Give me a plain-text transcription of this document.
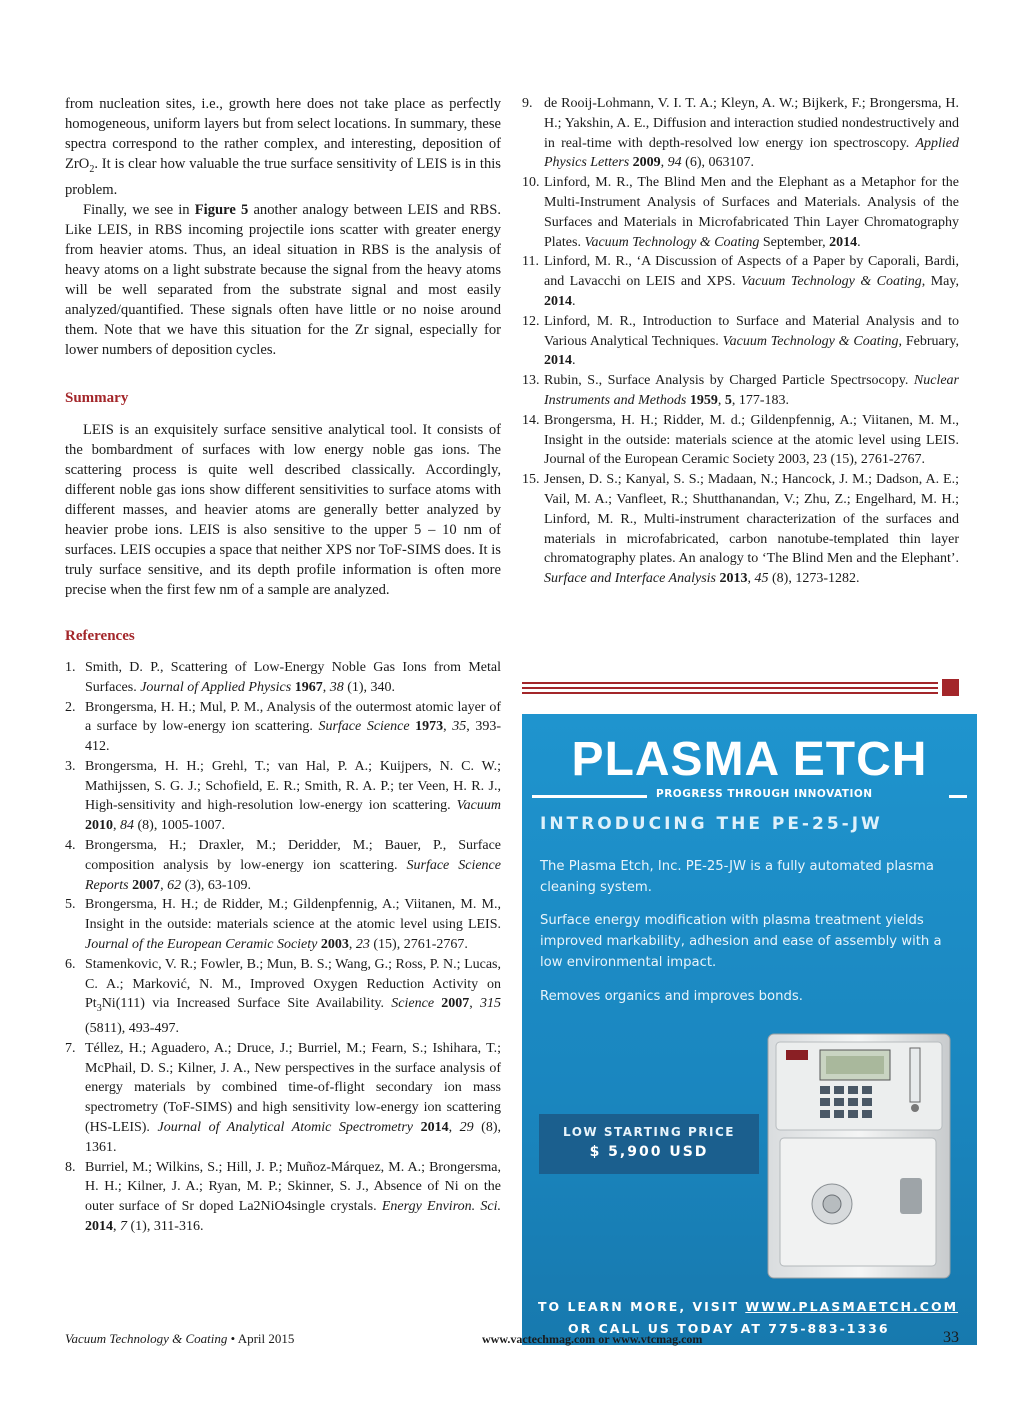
from nucleation sites, i.e., growth here does not take place as perfectly homogeneous, uniform layers but from select locations. In summary, these spectra correspond to the rather complex, and interesting, deposition of ZrO$_2$. It is clear how valuable the true surface sensitivity of LEIS is in this problem.

Finally, we see in Figure 5 another analogy between LEIS and RBS. Like LEIS, in RBS incoming projectile ions scatter with greater energy from heavier atoms. Thus, an ideal situation in RBS is the analysis of heavy atoms on a light substrate because the signal from the heavy atoms will be well separated from the substrate signal and most easily analyzed/quantified. These signals often have little or no noise around them. Note that we have this situation for the Zr signal, especially for lower numbers of deposition cycles.

Summary

LEIS is an exquisitely surface sensitive analytical tool. It consists of the bombardment of surfaces with low energy noble gas ions. The scattering process is quite well described classically. Accordingly, different noble gas ions show different sensitivities to surface atoms with different masses, and heavier atoms are generally better analyzed by heavier probe ions. LEIS is also sensitive to the upper 5 – 10 nm of surfaces. LEIS occupies a space that neither XPS nor ToF-SIMS does. It is truly surface sensitive, and its depth profile information is often more precise when the first few nm of a sample are analyzed.

References
1. Smith, D. P., Scattering of Low-Energy Noble Gas Ions from Metal Surfaces. Journal of Applied Physics 1967, 38 (1), 340.
2. Brongersma, H. H.; Mul, P. M., Analysis of the outermost atomic layer of a surface by low-energy ion scattering. Surface Science 1973, 35, 393-412.
3. Brongersma, H. H.; Grehl, T.; van Hal, P. A.; Kuijpers, N. C. W.; Mathijssen, S. G. J.; Schofield, E. R.; Smith, R. A. P.; ter Veen, H. R. J., High-sensitivity and high-resolution low-energy ion scattering. Vacuum 2010, 84 (8), 1005-1007.
4. Brongersma, H.; Draxler, M.; Deridder, M.; Bauer, P., Surface composition analysis by low-energy ion scattering. Surface Science Reports 2007, 62 (3), 63-109.
5. Brongersma, H. H.; de Ridder, M.; Gildenpfennig, A.; Viitanen, M. M., Insight in the outside: materials science at the atomic level using LEIS. Journal of the European Ceramic Society 2003, 23 (15), 2761-2767.
6. Stamenkovic, V. R.; Fowler, B.; Mun, B. S.; Wang, G.; Ross, P. N.; Lucas, C. A.; Marković, N. M., Improved Oxygen Reduction Activity on $Pt_3Ni(111)$ via Increased Surface Site Availability. Science 2007, 315 (5811), 493-497.
7. Téllez, H.; Aguadero, A.; Druce, J.; Burriel, M.; Fearn, S.; Ishihara, T.; McPhail, D. S.; Kilner, J. A., New perspectives in the surface analysis of energy materials by combined time-of-flight secondary ion mass spectrometry (ToF-SIMS) and high sensitivity low-energy ion scattering (HS-LEIS). Journal of Analytical Atomic Spectrometry 2014, 29 (8), 1361.
8. Burriel, M.; Wilkins, S.; Hill, J. P.; Muñoz-Márquez, M. A.; Brongersma, H. H.; Kilner, J. A.; Ryan, M. P.; Skinner, S. J., Absence of Ni on the outer surface of Sr doped La2NiO4single crystals. Energy Environ. Sci. 2014, 7 (1), 311-316.
9. de Rooij-Lohmann, V. I. T. A.; Kleyn, A. W.; Bijkerk, F.; Brongersma, H. H.; Yakshin, A. E., Diffusion and interaction studied nondestructively and in real-time with depth-resolved low energy ion spectroscopy. Applied Physics Letters 2009, 94 (6), 063107.
10. Linford, M. R., The Blind Men and the Elephant as a Metaphor for the Multi-Instrument Analysis of Surfaces and Materials. Analysis of the Surfaces and Materials in Microfabricated Thin Layer Chromatography Plates. Vacuum Technology & Coating September, 2014.
11. Linford, M. R., ‘A Discussion of Aspects of a Paper by Caporali, Bardi, and Lavacchi on LEIS and XPS. Vacuum Technology & Coating, May, 2014.
12. Linford, M. R., Introduction to Surface and Material Analysis and to Various Analytical Techniques. Vacuum Technology & Coating, February, 2014.
13. Rubin, S., Surface Analysis by Charged Particle Spectrsocopy. Nuclear Instruments and Methods 1959, 5, 177-183.
14. Brongersma, H. H.; Ridder, M. d.; Gildenpfennig, A.; Viitanen, M. M., Insight in the outside: materials science at the atomic level using LEIS. Journal of the European Ceramic Society 2003, 23 (15), 2761-2767.
15. Jensen, D. S.; Kanyal, S. S.; Madaan, N.; Hancock, J. M.; Dadson, A. E.; Vail, M. A.; Vanfleet, R.; Shutthanandan, V.; Zhu, Z.; Engelhard, M. H.; Linford, M. R., Multi-instrument characterization of the surfaces and materials in microfabricated, carbon nanotube-templated thin layer chromatography plates. An analogy to ‘The Blind Men and the Elephant’. Surface and Interface Analysis 2013, 45 (8), 1273-1282.
PLASMA ETCH
PROGRESS THROUGH INNOVATION
INTRODUCING THE PE-25-JW

The Plasma Etch, Inc. PE-25-JW is a fully automated plasma cleaning system.

Surface energy modification with plasma treatment yields improved markability, adhesion and ease of assembly with a low environmental impact.

Removes organics and improves bonds.

LOW STARTING PRICE
$ 5,900 USD
TO LEARN MORE, VISIT WWW.PLASMAETCH.COM
OR CALL US TODAY AT 775-883-1336
Vacuum Technology & Coating • April 2015	www.vactechmag.com or www.vtcmag.com	33
